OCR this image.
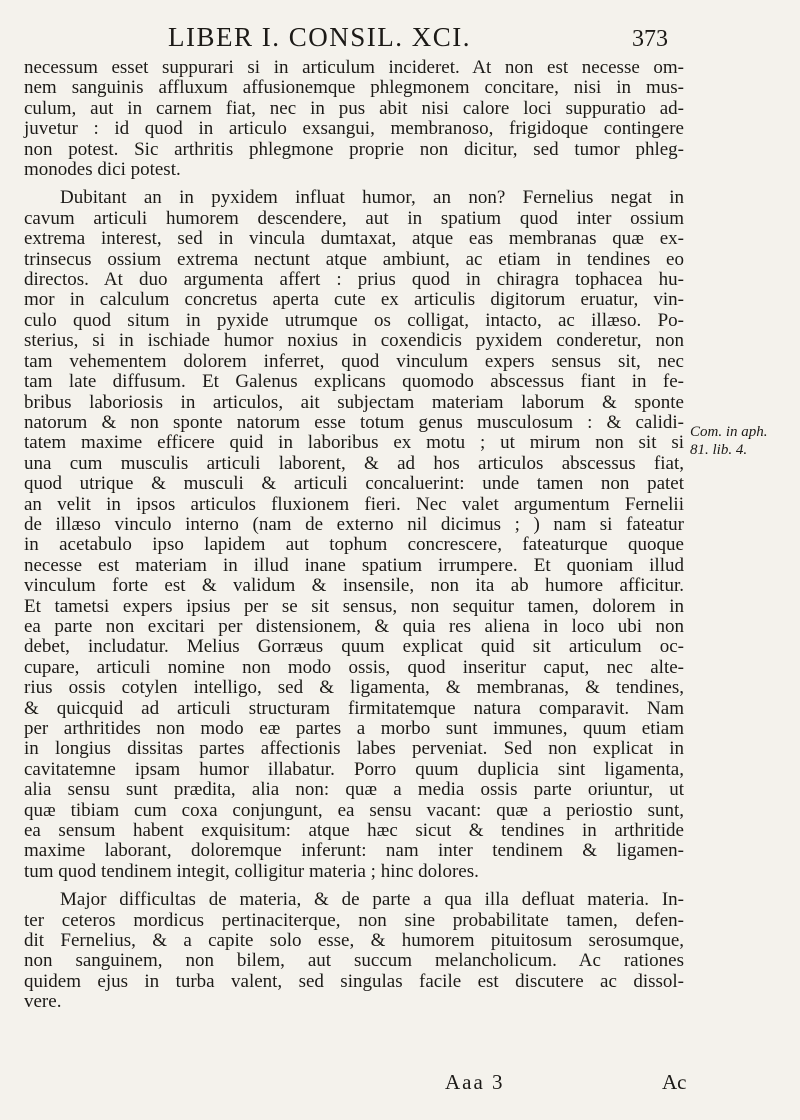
LIBER I. CONSIL. XCI.	373

necessum esset suppurari si in articulum incideret. At non est necesse om-
nem sanguinis affluxum affusionemque phlegmonem concitare, nisi in mus-
culum, aut in carnem fiat, nec in pus abit nisi calore loci suppuratio ad-
juvetur : id quod in articulo exsangui, membranoso, frigidoque contingere
non potest. Sic arthritis phlegmone proprie non dicitur, sed tumor phleg-
monodes dici potest.

Dubitant an in pyxidem influat humor, an non? Fernelius negat in
cavum articuli humorem descendere, aut in spatium quod inter ossium
extrema interest, sed in vincula dumtaxat, atque eas membranas quæ ex-
trinsecus ossium extrema nectunt atque ambiunt, ac etiam in tendines eo
directos. At duo argumenta affert : prius quod in chiragra tophacea hu-
mor in calculum concretus aperta cute ex articulis digitorum eruatur, vin-
culo quod situm in pyxide utrumque os colligat, intacto, ac illæso. Po-
sterius, si in ischiade humor noxius in coxendicis pyxidem conderetur, non
tam vehementem dolorem inferret, quod vinculum expers sensus sit, nec
tam late diffusum. Et Galenus explicans quomodo abscessus fiant in fe-
bribus laboriosis in articulos, ait subjectam materiam laborum & sponte
natorum & non sponte natorum esse totum genus musculosum : & calidi-
tatem maxime efficere quid in laboribus ex motu ; ut mirum non sit si
una cum musculis articuli laborent, & ad hos articulos abscessus fiat,
quod utrique & musculi & articuli concaluerint: unde tamen non patet
an velit in ipsos articulos fluxionem fieri. Nec valet argumentum Fernelii
de illæso vinculo interno (nam de externo nil dicimus ; ) nam si fateatur
in acetabulo ipso lapidem aut tophum concrescere, fateaturque quoque
necesse est materiam in illud inane spatium irrumpere. Et quoniam illud
vinculum forte est & validum & insensile, non ita ab humore afficitur.
Et tametsi expers ipsius per se sit sensus, non sequitur tamen, dolorem in
ea parte non excitari per distensionem, & quia res aliena in loco ubi non
debet, includatur. Melius Gorræus quum explicat quid sit articulum oc-
cupare, articuli nomine non modo ossis, quod inseritur caput, nec alte-
rius ossis cotylen intelligo, sed & ligamenta, & membranas, & tendines,
& quicquid ad articuli structuram firmitatemque natura comparavit. Nam
per arthritides non modo eæ partes a morbo sunt immunes, quum etiam
in longius dissitas partes affectionis labes perveniat. Sed non explicat in
cavitatemne ipsam humor illabatur. Porro quum duplicia sint ligamenta,
alia sensu sunt prædita, alia non: quæ a media ossis parte oriuntur, ut
quæ tibiam cum coxa conjungunt, ea sensu vacant: quæ a periostio sunt,
ea sensum habent exquisitum: atque hæc sicut & tendines in arthritide
maxime laborant, doloremque inferunt: nam inter tendinem & ligamen-
tum quod tendinem integit, colligitur materia ; hinc dolores.

Major difficultas de materia, & de parte a qua illa defluat materia. In-
ter ceteros mordicus pertinaciterque, non sine probabilitate tamen, defen-
dit Fernelius, & a capite solo esse, & humorem pituitosum serosumque,
non sanguinem, non bilem, aut succum melancholicum. Ac rationes
quidem ejus in turba valent, sed singulas facile est discutere ac dissol-
vere.

Com. in aph.
81. lib. 4.
Aaa 3	Ac
